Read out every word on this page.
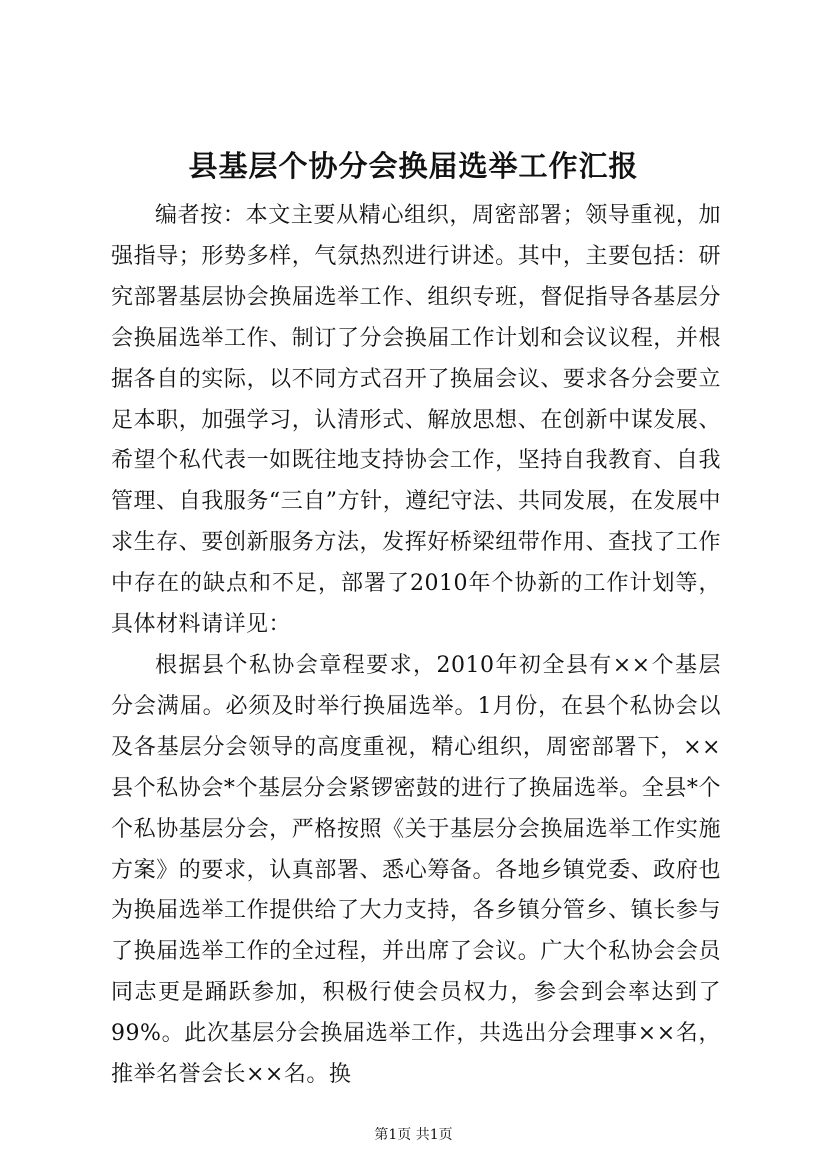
县基层个协分会换届选举工作汇报

编者按：本文主要从精心组织，周密部署；领导重视，加强指导；形势多样，气氛热烈进行讲述。其中，主要包括：研究部署基层协会换届选举工作、组织专班，督促指导各基层分会换届选举工作、制订了分会换届工作计划和会议议程，并根据各自的实际，以不同方式召开了换届会议、要求各分会要立足本职，加强学习，认清形式、解放思想、在创新中谋发展、希望个私代表一如既往地支持协会工作，坚持自我教育、自我管理、自我服务“三自”方针，遵纪守法、共同发展，在发展中求生存、要创新服务方法，发挥好桥梁纽带作用、查找了工作中存在的缺点和不足，部署了2010年个协新的工作计划等，具体材料请详见：

根据县个私协会章程要求，2010年初全县有××个基层分会满届。必须及时举行换届选举。1月份，在县个私协会以及各基层分会领导的高度重视，精心组织，周密部署下，××县个私协会*个基层分会紧锣密鼓的进行了换届选举。全县*个个私协基层分会，严格按照《关于基层分会换届选举工作实施方案》的要求，认真部署、悉心筹备。各地乡镇党委、政府也为换届选举工作提供给了大力支持，各乡镇分管乡、镇长参与了换届选举工作的全过程，并出席了会议。广大个私协会会员同志更是踊跃参加，积极行使会员权力，参会到会率达到了99%。此次基层分会换届选举工作，共选出分会理事××名，推举名誉会长××名。换

第1页 共1页
